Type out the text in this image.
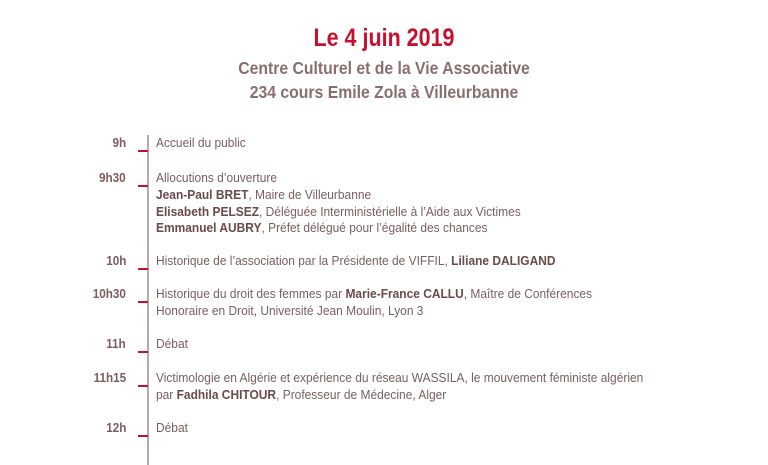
Le 4 juin 2019
Centre Culturel et de la Vie Associative
234 cours Emile Zola à Villeurbanne
9h Accueil du public
9h30 Allocutions d’ouverture
Jean-Paul BRET, Maire de Villeurbanne
Elisabeth PELSEZ, Déléguée Interministérielle à l’Aide aux Victimes
Emmanuel AUBRY, Préfet délégué pour l’égalité des chances
10h Historique de l’association par la Présidente de VIFFIL, Liliane DALIGAND
10h30 Historique du droit des femmes par Marie-France CALLU, Maître de Conférences
Honoraire en Droit, Université Jean Moulin, Lyon 3
11h Débat
11h15 Victimologie en Algérie et expérience du réseau WASSILA, le mouvement féministe algérien
par Fadhila CHITOUR, Professeur de Médecine, Alger
12h Débat
